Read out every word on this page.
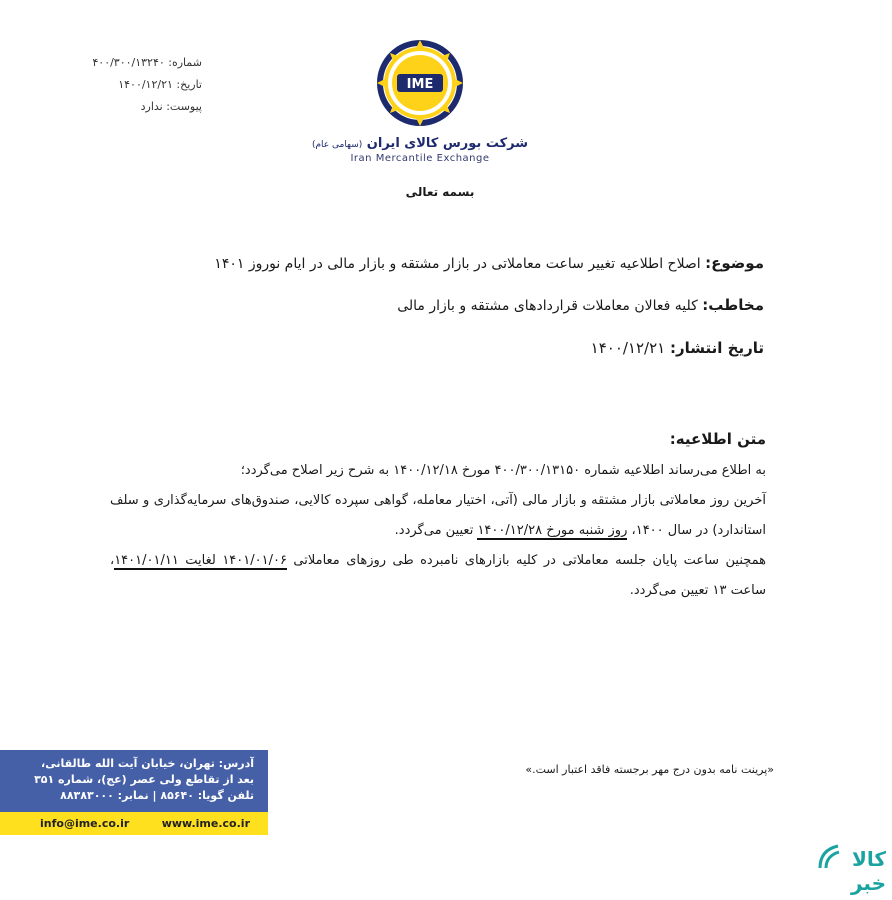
شماره: ۴۰۰/۳۰۰/۱۳۲۴۰
تاریخ: ۱۴۰۰/۱۲/۲۱
پیوست: ندارد
IME
شرکت بورس کالای ایران (سهامی عام)
Iran Mercantile Exchange
بسمه تعالی
موضوع: اصلاح اطلاعیه تغییر ساعت معاملاتی در بازار مشتقه و بازار مالی در ایام نوروز ۱۴۰۱
مخاطب: کلیه فعالان معاملات قراردادهای مشتقه و بازار مالی
تاریخ انتشار: ۱۴۰۰/۱۲/۲۱
متن اطلاعیه:

به اطلاع می‌رساند اطلاعیه شماره ۴۰۰/۳۰۰/۱۳۱۵۰ مورخ ۱۴۰۰/۱۲/۱۸ به شرح زیر اصلاح می‌گردد؛

آخرین روز معاملاتی بازار مشتقه و بازار مالی (آتی، اختیار معامله، گواهی سپرده کالایی، صندوق‌های سرمایه‌گذاری و سلف استاندارد) در سال ۱۴۰۰، روز شنبه مورخ ۱۴۰۰/۱۲/۲۸ تعیین می‌گردد.

همچنین ساعت پایان جلسه معاملاتی در کلیه بازارهای نامبرده طی روزهای معاملاتی ۱۴۰۱/۰۱/۰۶ لغایت ۱۴۰۱/۰۱/۱۱، ساعت ۱۳ تعیین می‌گردد.

«پرینت نامه بدون درج مهر برجسته فاقد اعتبار است.»
آدرس: تهران، خیابان آیت الله طالقانی،
بعد از تقاطع ولی عصر (عج)، شماره ۳۵۱
تلفن گویا: ۸۵۶۴۰ | نمابر: ۸۸۳۸۳۰۰۰
info@ime.co.ir	www.ime.co.ir
کالا
خبر
